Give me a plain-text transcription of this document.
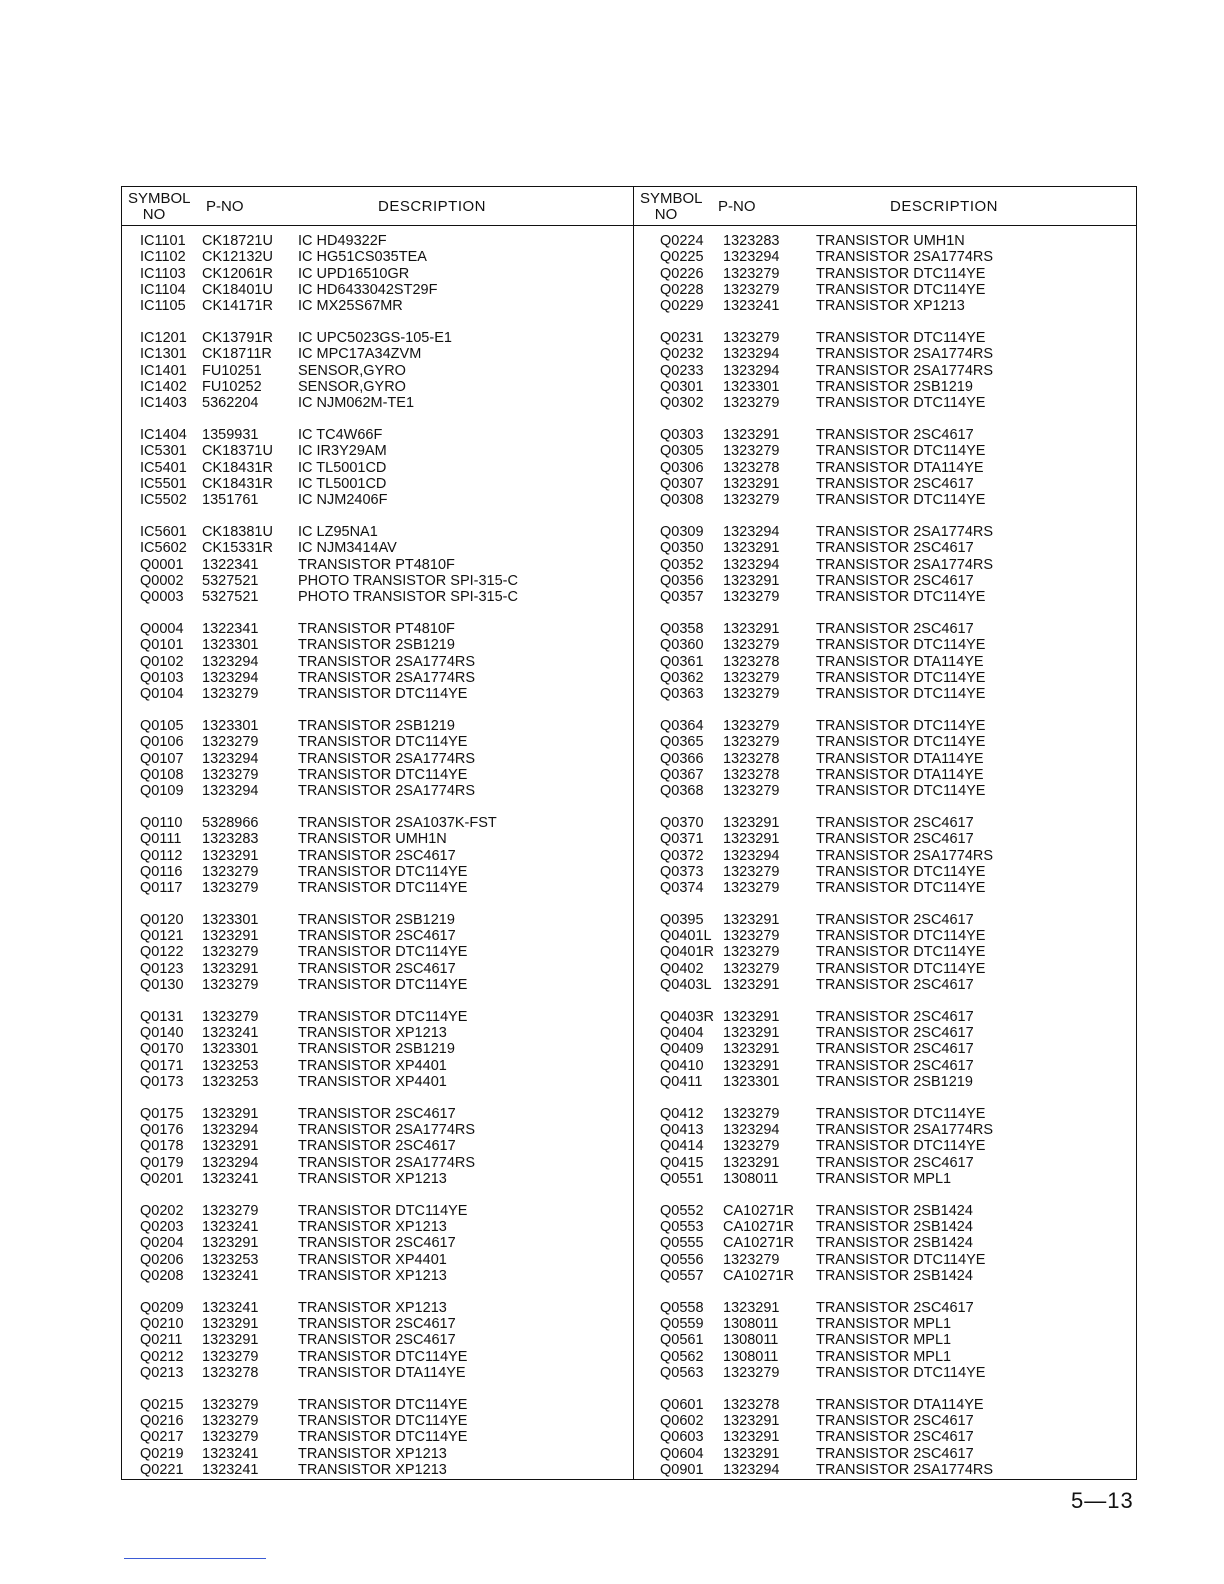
SYMBOL
NO	P-NO	DESCRIPTION
IC1101 CK18721U IC HD49322F
IC1102 CK12132U IC HG51CS035TEA
IC1103 CK12061R IC UPD16510GR
IC1104 CK18401U IC HD6433042ST29F
IC1105 CK14171R IC MX25S67MR
IC1201 CK13791R IC UPC5023GS-105-E1
IC1301 CK18711R IC MPC17A34ZVM
IC1401 FU10251	SENSOR,GYRO
IC1402 FU10252	SENSOR,GYRO
IC1403 5362204	IC NJM062M-TE1
IC1404 1359931	IC TC4W66F
IC5301 CK18371U IC IR3Y29AM
IC5401 CK18431R IC TL5001CD
IC5501 CK18431R IC TL5001CD
IC5502 1351761	IC NJM2406F
IC5601 CK18381U IC LZ95NA1
IC5602 CK15331R IC NJM3414AV
Q0001 1322341	TRANSISTOR PT4810F
Q0002 5327521	PHOTO TRANSISTOR SPI-315-C
Q0003 5327521	PHOTO TRANSISTOR SPI-315-C
Q0004 1322341	TRANSISTOR PT4810F
Q0101 1323301	TRANSISTOR 2SB1219
Q0102 1323294	TRANSISTOR 2SA1774RS
Q0103 1323294	TRANSISTOR 2SA1774RS
Q0104 1323279	TRANSISTOR DTC114YE
Q0105 1323301	TRANSISTOR 2SB1219
Q0106 1323279	TRANSISTOR DTC114YE
Q0107 1323294	TRANSISTOR 2SA1774RS
Q0108 1323279	TRANSISTOR DTC114YE
Q0109 1323294	TRANSISTOR 2SA1774RS
Q0110 5328966	TRANSISTOR 2SA1037K-FST
Q0111 1323283	TRANSISTOR UMH1N
Q0112 1323291	TRANSISTOR 2SC4617
Q0116 1323279	TRANSISTOR DTC114YE
Q0117 1323279	TRANSISTOR DTC114YE
Q0120 1323301	TRANSISTOR 2SB1219
Q0121 1323291	TRANSISTOR 2SC4617
Q0122 1323279	TRANSISTOR DTC114YE
Q0123 1323291	TRANSISTOR 2SC4617
Q0130 1323279	TRANSISTOR DTC114YE
Q0131 1323279	TRANSISTOR DTC114YE
Q0140 1323241	TRANSISTOR XP1213
Q0170 1323301	TRANSISTOR 2SB1219
Q0171 1323253	TRANSISTOR XP4401
Q0173 1323253	TRANSISTOR XP4401
Q0175 1323291	TRANSISTOR 2SC4617
Q0176 1323294	TRANSISTOR 2SA1774RS
Q0178 1323291	TRANSISTOR 2SC4617
Q0179 1323294	TRANSISTOR 2SA1774RS
Q0201 1323241	TRANSISTOR XP1213
Q0202 1323279	TRANSISTOR DTC114YE
Q0203 1323241	TRANSISTOR XP1213
Q0204 1323291	TRANSISTOR 2SC4617
Q0206 1323253	TRANSISTOR XP4401
Q0208 1323241	TRANSISTOR XP1213
Q0209 1323241	TRANSISTOR XP1213
Q0210 1323291	TRANSISTOR 2SC4617
Q0211 1323291	TRANSISTOR 2SC4617
Q0212 1323279	TRANSISTOR DTC114YE
Q0213 1323278	TRANSISTOR DTA114YE
Q0215 1323279	TRANSISTOR DTC114YE
Q0216 1323279	TRANSISTOR DTC114YE
Q0217 1323279	TRANSISTOR DTC114YE
Q0219 1323241	TRANSISTOR XP1213
Q0221 1323241	TRANSISTOR XP1213
SYMBOL
NO	P-NO	DESCRIPTION
Q0224 1323283	TRANSISTOR UMH1N
Q0225 1323294	TRANSISTOR 2SA1774RS
Q0226 1323279	TRANSISTOR DTC114YE
Q0228 1323279	TRANSISTOR DTC114YE
Q0229 1323241	TRANSISTOR XP1213
Q0231 1323279	TRANSISTOR DTC114YE
Q0232 1323294	TRANSISTOR 2SA1774RS
Q0233 1323294	TRANSISTOR 2SA1774RS
Q0301 1323301	TRANSISTOR 2SB1219
Q0302 1323279	TRANSISTOR DTC114YE
Q0303 1323291	TRANSISTOR 2SC4617
Q0305 1323279	TRANSISTOR DTC114YE
Q0306 1323278	TRANSISTOR DTA114YE
Q0307 1323291	TRANSISTOR 2SC4617
Q0308 1323279	TRANSISTOR DTC114YE
Q0309 1323294	TRANSISTOR 2SA1774RS
Q0350 1323291	TRANSISTOR 2SC4617
Q0352 1323294	TRANSISTOR 2SA1774RS
Q0356 1323291	TRANSISTOR 2SC4617
Q0357 1323279	TRANSISTOR DTC114YE
Q0358 1323291	TRANSISTOR 2SC4617
Q0360 1323279	TRANSISTOR DTC114YE
Q0361 1323278	TRANSISTOR DTA114YE
Q0362 1323279	TRANSISTOR DTC114YE
Q0363 1323279	TRANSISTOR DTC114YE
Q0364 1323279	TRANSISTOR DTC114YE
Q0365 1323279	TRANSISTOR DTC114YE
Q0366 1323278	TRANSISTOR DTA114YE
Q0367 1323278	TRANSISTOR DTA114YE
Q0368 1323279	TRANSISTOR DTC114YE
Q0370 1323291	TRANSISTOR 2SC4617
Q0371 1323291	TRANSISTOR 2SC4617
Q0372 1323294	TRANSISTOR 2SA1774RS
Q0373 1323279	TRANSISTOR DTC114YE
Q0374 1323279	TRANSISTOR DTC114YE
Q0395 1323291	TRANSISTOR 2SC4617
Q0401L 1323279	TRANSISTOR DTC114YE
Q0401R 1323279	TRANSISTOR DTC114YE
Q0402 1323279	TRANSISTOR DTC114YE
Q0403L 1323291	TRANSISTOR 2SC4617
Q0403R 1323291	TRANSISTOR 2SC4617
Q0404 1323291	TRANSISTOR 2SC4617
Q0409 1323291	TRANSISTOR 2SC4617
Q0410 1323291	TRANSISTOR 2SC4617
Q0411 1323301	TRANSISTOR 2SB1219
Q0412 1323279	TRANSISTOR DTC114YE
Q0413 1323294	TRANSISTOR 2SA1774RS
Q0414 1323279	TRANSISTOR DTC114YE
Q0415 1323291	TRANSISTOR 2SC4617
Q0551 1308011	TRANSISTOR MPL1
Q0552 CA10271R TRANSISTOR 2SB1424
Q0553 CA10271R TRANSISTOR 2SB1424
Q0555 CA10271R TRANSISTOR 2SB1424
Q0556 1323279	TRANSISTOR DTC114YE
Q0557 CA10271R TRANSISTOR 2SB1424
Q0558 1323291	TRANSISTOR 2SC4617
Q0559 1308011	TRANSISTOR MPL1
Q0561 1308011	TRANSISTOR MPL1
Q0562 1308011	TRANSISTOR MPL1
Q0563 1323279	TRANSISTOR DTC114YE
Q0601 1323278	TRANSISTOR DTA114YE
Q0602 1323291	TRANSISTOR 2SC4617
Q0603 1323291	TRANSISTOR 2SC4617
Q0604 1323291	TRANSISTOR 2SC4617
Q0901 1323294	TRANSISTOR 2SA1774RS
5—13
